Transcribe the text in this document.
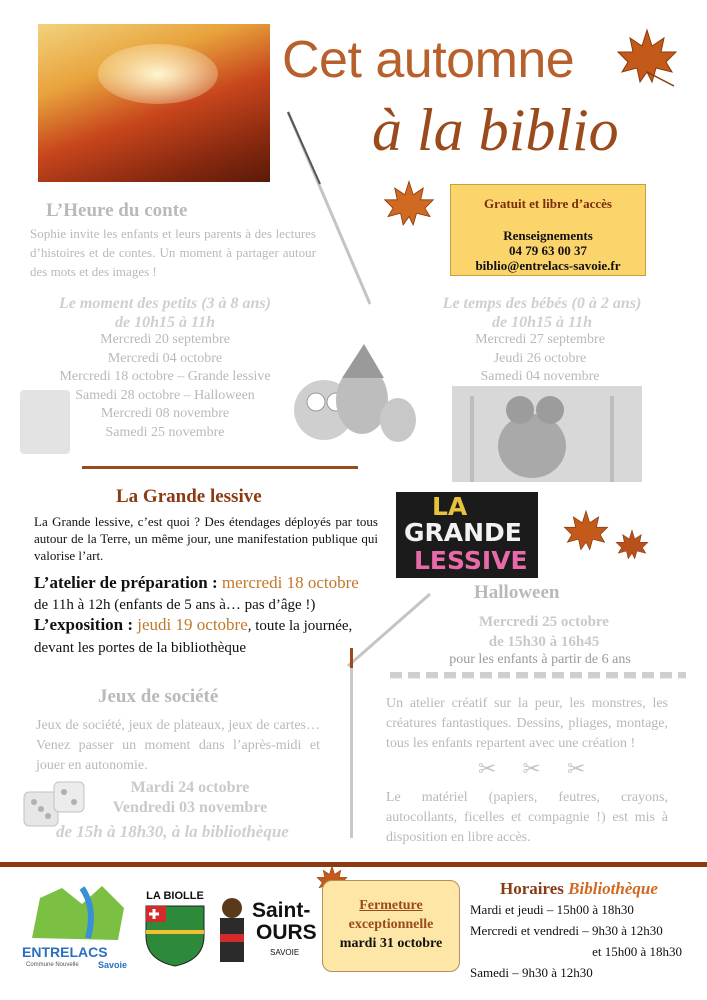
Cet automne
à la biblio
Gratuit et libre d’accès
Renseignements
04 79 63 00 37
biblio@entrelacs-savoie.fr
L’Heure du conte
Sophie invite les enfants et leurs parents à des lectures d’histoires et de contes. Un moment à partager autour des mots et des images !
Le moment des petits (3 à 8 ans)
de 10h15 à 11h
Mercredi 20 septembre
Mercredi 04 octobre
Mercredi 18 octobre – Grande lessive
Samedi 28 octobre – Halloween
Mercredi 08 novembre
Samedi 25 novembre
Le temps des bébés (0 à 2 ans)
de 10h15 à 11h
Mercredi 27 septembre
Jeudi 26 octobre
Samedi 04 novembre
La Grande lessive
La Grande lessive, c’est quoi ? Des étendages déployés par tous autour de la Terre, un même jour, une manifestation publique qui valorise l’art.
L’atelier de préparation : mercredi 18 octobre
de 11h à 12h (enfants de 5 ans à… pas d’âge !)
L’exposition : jeudi 19 octobre, toute la journée,
devant les portes de la bibliothèque
LA
GRANDE
LESSIVE
Halloween
Mercredi 25 octobre
de 15h30 à 16h45
pour les enfants à partir de 6 ans
Un atelier créatif sur la peur, les monstres, les créatures fantastiques. Dessins, pliages, montage, tous les enfants repartent avec une création !
✂✂✂
Le matériel (papiers, feutres, crayons, autocollants, ficelles et compagnie !) est mis à disposition en libre accès.
Jeux de société
Jeux de société, jeux de plateaux, jeux de cartes… Venez passer un moment dans l’après-midi et jouer en autonomie.
Mardi 24 octobre
Vendredi 03 novembre
de 15h à 18h30, à la bibliothèque
ENTRELACS
Commune Nouvelle Savoie
LA BIOLLE
Saint-
OURS
SAVOIE
Fermeture
exceptionnelle
mardi 31 octobre
Horaires Bibliothèque
Mardi et jeudi – 15h00 à 18h30
Mercredi et vendredi – 9h30 à 12h30
et 15h00 à 18h30
Samedi – 9h30 à 12h30
